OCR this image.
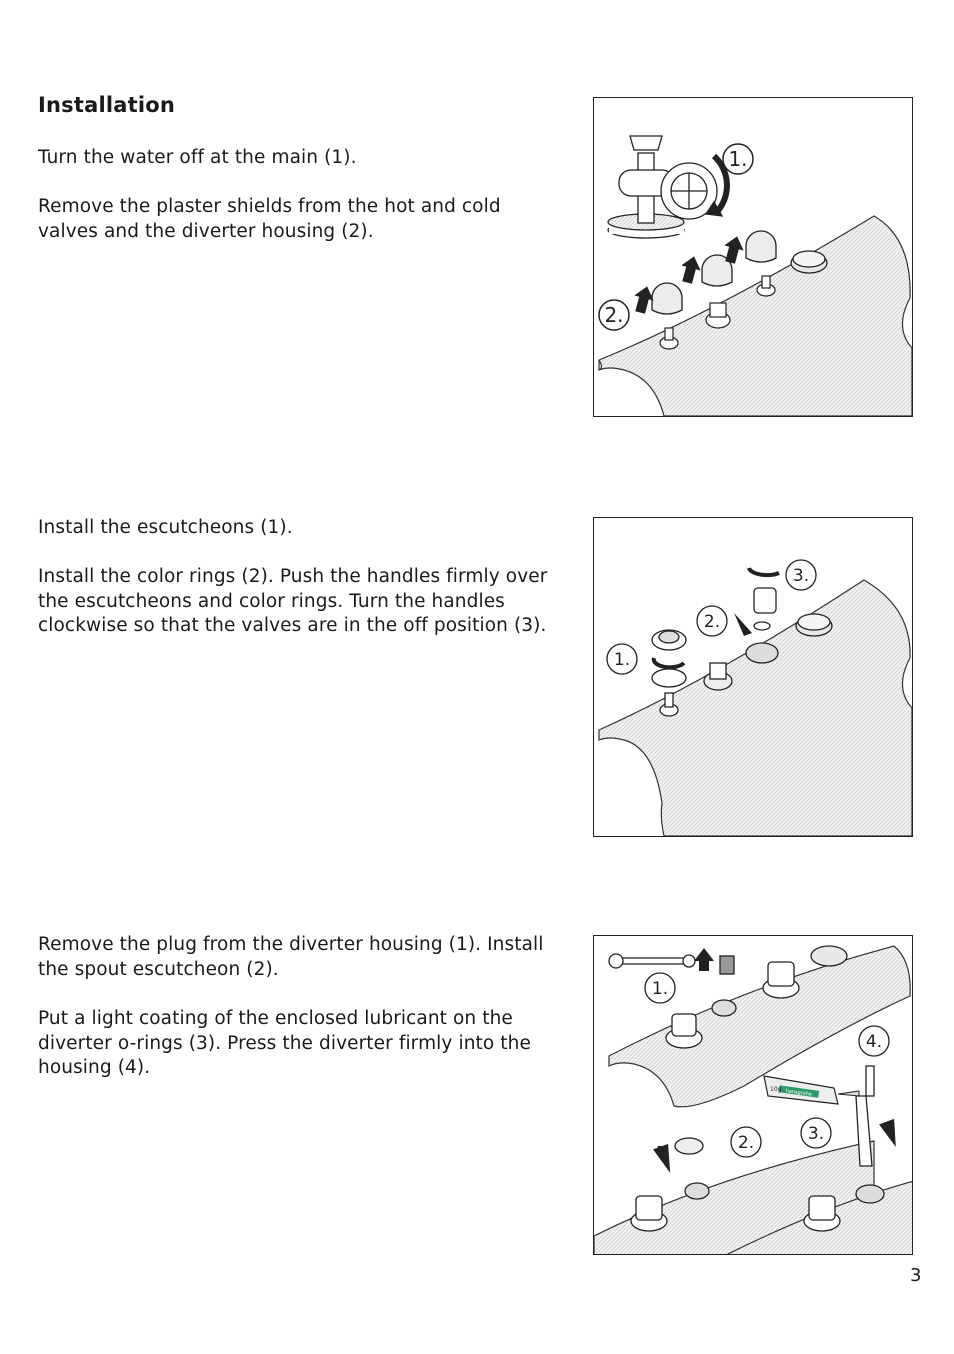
Installation

Turn the water off at the main (1).

Remove the plaster shields from the hot and cold valves and the diverter housing (2).

1.
2.

Install the escutcheons (1).

Install the color rings (2). Push the handles firmly over the escutcheons and color rings. Turn the handles clockwise so that the valves are in the off position (3).

1.
2.
3.

Remove the plug from the diverter housing (1). Install the spout escutcheon (2).

Put a light coating of the enclosed lubricant on the diverter o-rings (3). Press the diverter firmly into the housing (4).

hansgrohe
10g
1.
2.	3.
4.
3
